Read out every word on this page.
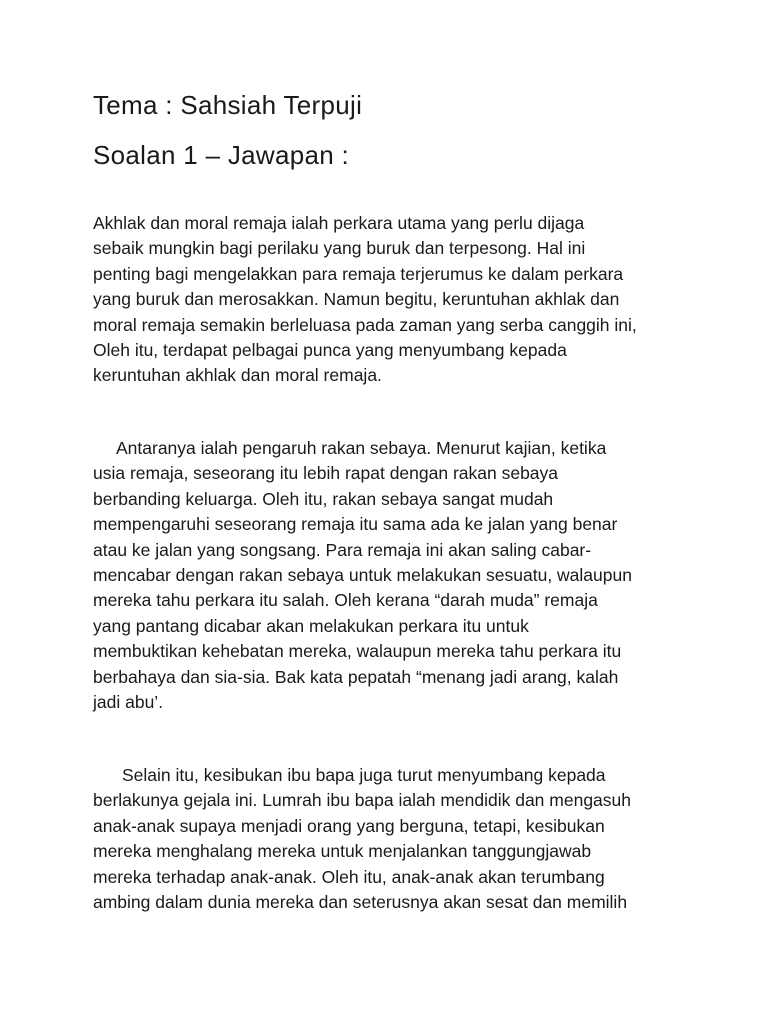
Tema : Sahsiah Terpuji
Soalan 1 – Jawapan :

Akhlak dan moral remaja ialah perkara utama yang perlu dijaga
sebaik mungkin bagi perilaku yang buruk dan terpesong. Hal ini
penting bagi mengelakkan para remaja terjerumus ke dalam perkara
yang buruk dan merosakkan. Namun begitu, keruntuhan akhlak dan
moral remaja semakin berleluasa pada zaman yang serba canggih ini,
Oleh itu, terdapat pelbagai punca yang menyumbang kepada
keruntuhan akhlak dan moral remaja.

Antaranya ialah pengaruh rakan sebaya. Menurut kajian, ketika
usia remaja, seseorang itu lebih rapat dengan rakan sebaya
berbanding keluarga. Oleh itu, rakan sebaya sangat mudah
mempengaruhi seseorang remaja itu sama ada ke jalan yang benar
atau ke jalan yang songsang. Para remaja ini akan saling cabar-
mencabar dengan rakan sebaya untuk melakukan sesuatu, walaupun
mereka tahu perkara itu salah. Oleh kerana “darah muda” remaja
yang pantang dicabar akan melakukan perkara itu untuk
membuktikan kehebatan mereka, walaupun mereka tahu perkara itu
berbahaya dan sia-sia. Bak kata pepatah “menang jadi arang, kalah
jadi abu’.

Selain itu, kesibukan ibu bapa juga turut menyumbang kepada
berlakunya gejala ini. Lumrah ibu bapa ialah mendidik dan mengasuh
anak-anak supaya menjadi orang yang berguna, tetapi, kesibukan
mereka menghalang mereka untuk menjalankan tanggungjawab
mereka terhadap anak-anak. Oleh itu, anak-anak akan terumbang
ambing dalam dunia mereka dan seterusnya akan sesat dan memilih
